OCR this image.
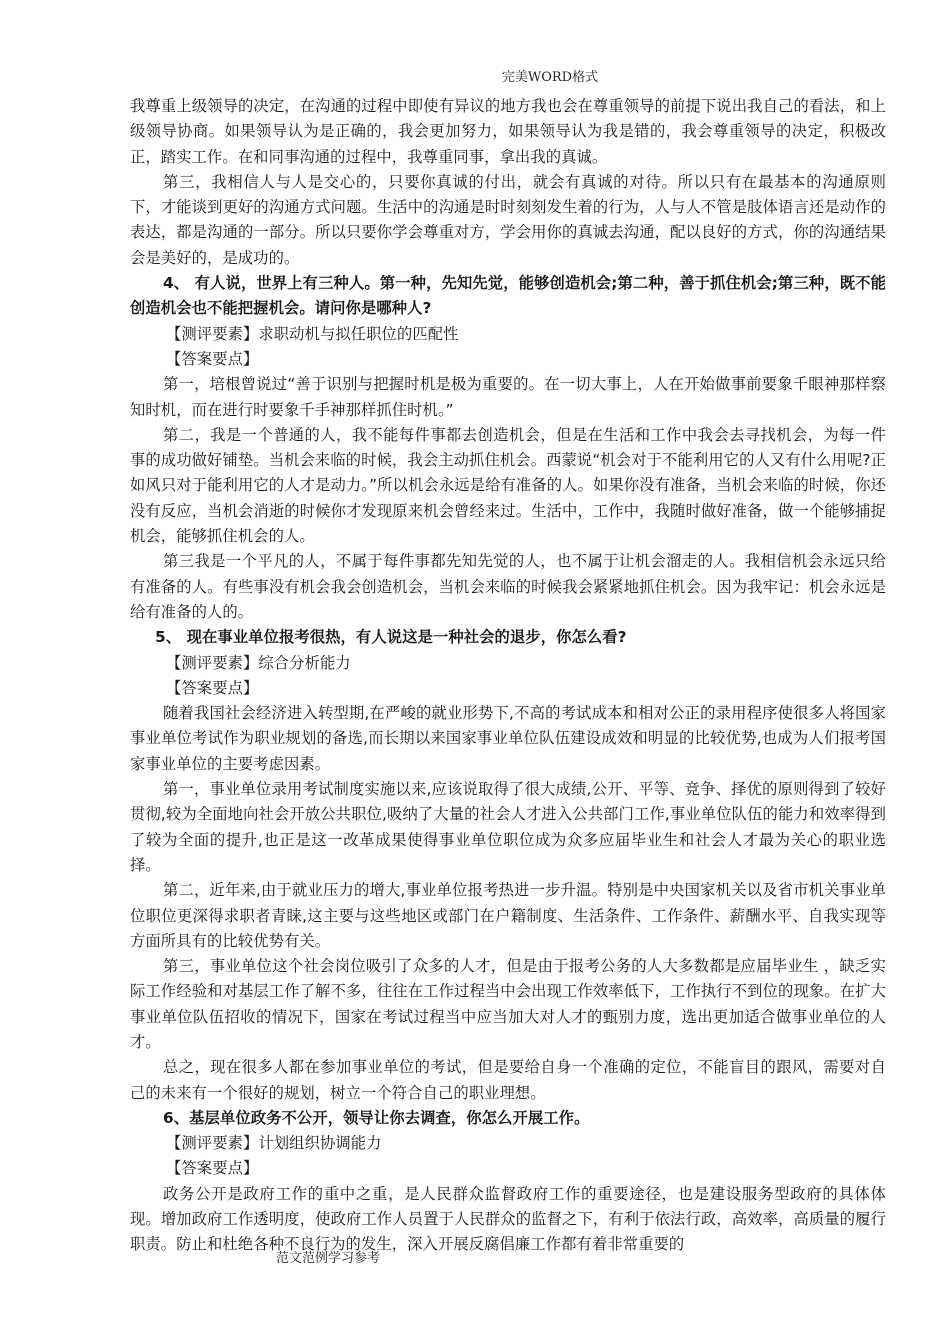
完美WORD格式

我尊重上级领导的决定，在沟通的过程中即使有异议的地方我也会在尊重领导的前提下说出我自己的看法，和上级领导协商。如果领导认为是正确的，我会更加努力，如果领导认为我是错的，我会尊重领导的决定，积极改正，踏实工作。在和同事沟通的过程中，我尊重同事，拿出我的真诚。

第三，我相信人与人是交心的，只要你真诚的付出，就会有真诚的对待。所以只有在最基本的沟通原则下，才能谈到更好的沟通方式问题。生活中的沟通是时时刻刻发生着的行为，人与人不管是肢体语言还是动作的表达，都是沟通的一部分。所以只要你学会尊重对方，学会用你的真诚去沟通，配以良好的方式，你的沟通结果会是美好的，是成功的。

4、 有人说，世界上有三种人。第一种，先知先觉，能够创造机会;第二种，善于抓住机会;第三种，既不能创造机会也不能把握机会。请问你是哪种人?

【测评要素】求职动机与拟任职位的匹配性

【答案要点】

第一，培根曾说过“善于识别与把握时机是极为重要的。在一切大事上，人在开始做事前要象千眼神那样察知时机，而在进行时要象千手神那样抓住时机。”

第二，我是一个普通的人，我不能每件事都去创造机会，但是在生活和工作中我会去寻找机会，为每一件事的成功做好铺垫。当机会来临的时候，我会主动抓住机会。西蒙说“机会对于不能利用它的人又有什么用呢?正如风只对于能利用它的人才是动力。”所以机会永远是给有准备的人。如果你没有准备，当机会来临的时候，你还没有反应，当机会消逝的时候你才发现原来机会曾经来过。生活中，工作中，我随时做好准备，做一个能够捕捉机会，能够抓住机会的人。

第三我是一个平凡的人，不属于每件事都先知先觉的人，也不属于让机会溜走的人。我相信机会永远只给有准备的人。有些事没有机会我会创造机会，当机会来临的时候我会紧紧地抓住机会。因为我牢记：机会永远是给有准备的人的。

5、 现在事业单位报考很热，有人说这是一种社会的退步，你怎么看?

【测评要素】综合分析能力

【答案要点】

随着我国社会经济进入转型期,在严峻的就业形势下,不高的考试成本和相对公正的录用程序使很多人将国家事业单位考试作为职业规划的备选,而长期以来国家事业单位队伍建设成效和明显的比较优势,也成为人们报考国家事业单位的主要考虑因素。

第一，事业单位录用考试制度实施以来,应该说取得了很大成绩,公开、平等、竞争、择优的原则得到了较好贯彻,较为全面地向社会开放公共职位,吸纳了大量的社会人才进入公共部门工作,事业单位队伍的能力和效率得到了较为全面的提升,也正是这一改革成果使得事业单位职位成为众多应届毕业生和社会人才最为关心的职业选择。

第二，近年来,由于就业压力的增大,事业单位报考热进一步升温。特别是中央国家机关以及省市机关事业单位职位更深得求职者青睐,这主要与这些地区或部门在户籍制度、生活条件、工作条件、薪酬水平、自我实现等方面所具有的比较优势有关。

第三，事业单位这个社会岗位吸引了众多的人才，但是由于报考公务的人大多数都是应届毕业生 ，缺乏实际工作经验和对基层工作了解不多，往往在工作过程当中会出现工作效率低下，工作执行不到位的现象。在扩大事业单位队伍招收的情况下，国家在考试过程当中应当加大对人才的甄别力度，选出更加适合做事业单位的人才。

总之，现在很多人都在参加事业单位的考试，但是要给自身一个准确的定位，不能盲目的跟风，需要对自己的未来有一个很好的规划，树立一个符合自己的职业理想。

6、基层单位政务不公开，领导让你去调查，你怎么开展工作。

【测评要素】计划组织协调能力

【答案要点】

政务公开是政府工作的重中之重，是人民群众监督政府工作的重要途径，也是建设服务型政府的具体体现。增加政府工作透明度，使政府工作人员置于人民群众的监督之下，有利于依法行政，高效率，高质量的履行职责。防止和杜绝各种不良行为的发生，深入开展反腐倡廉工作都有着非常重要的

范文范例学习参考
